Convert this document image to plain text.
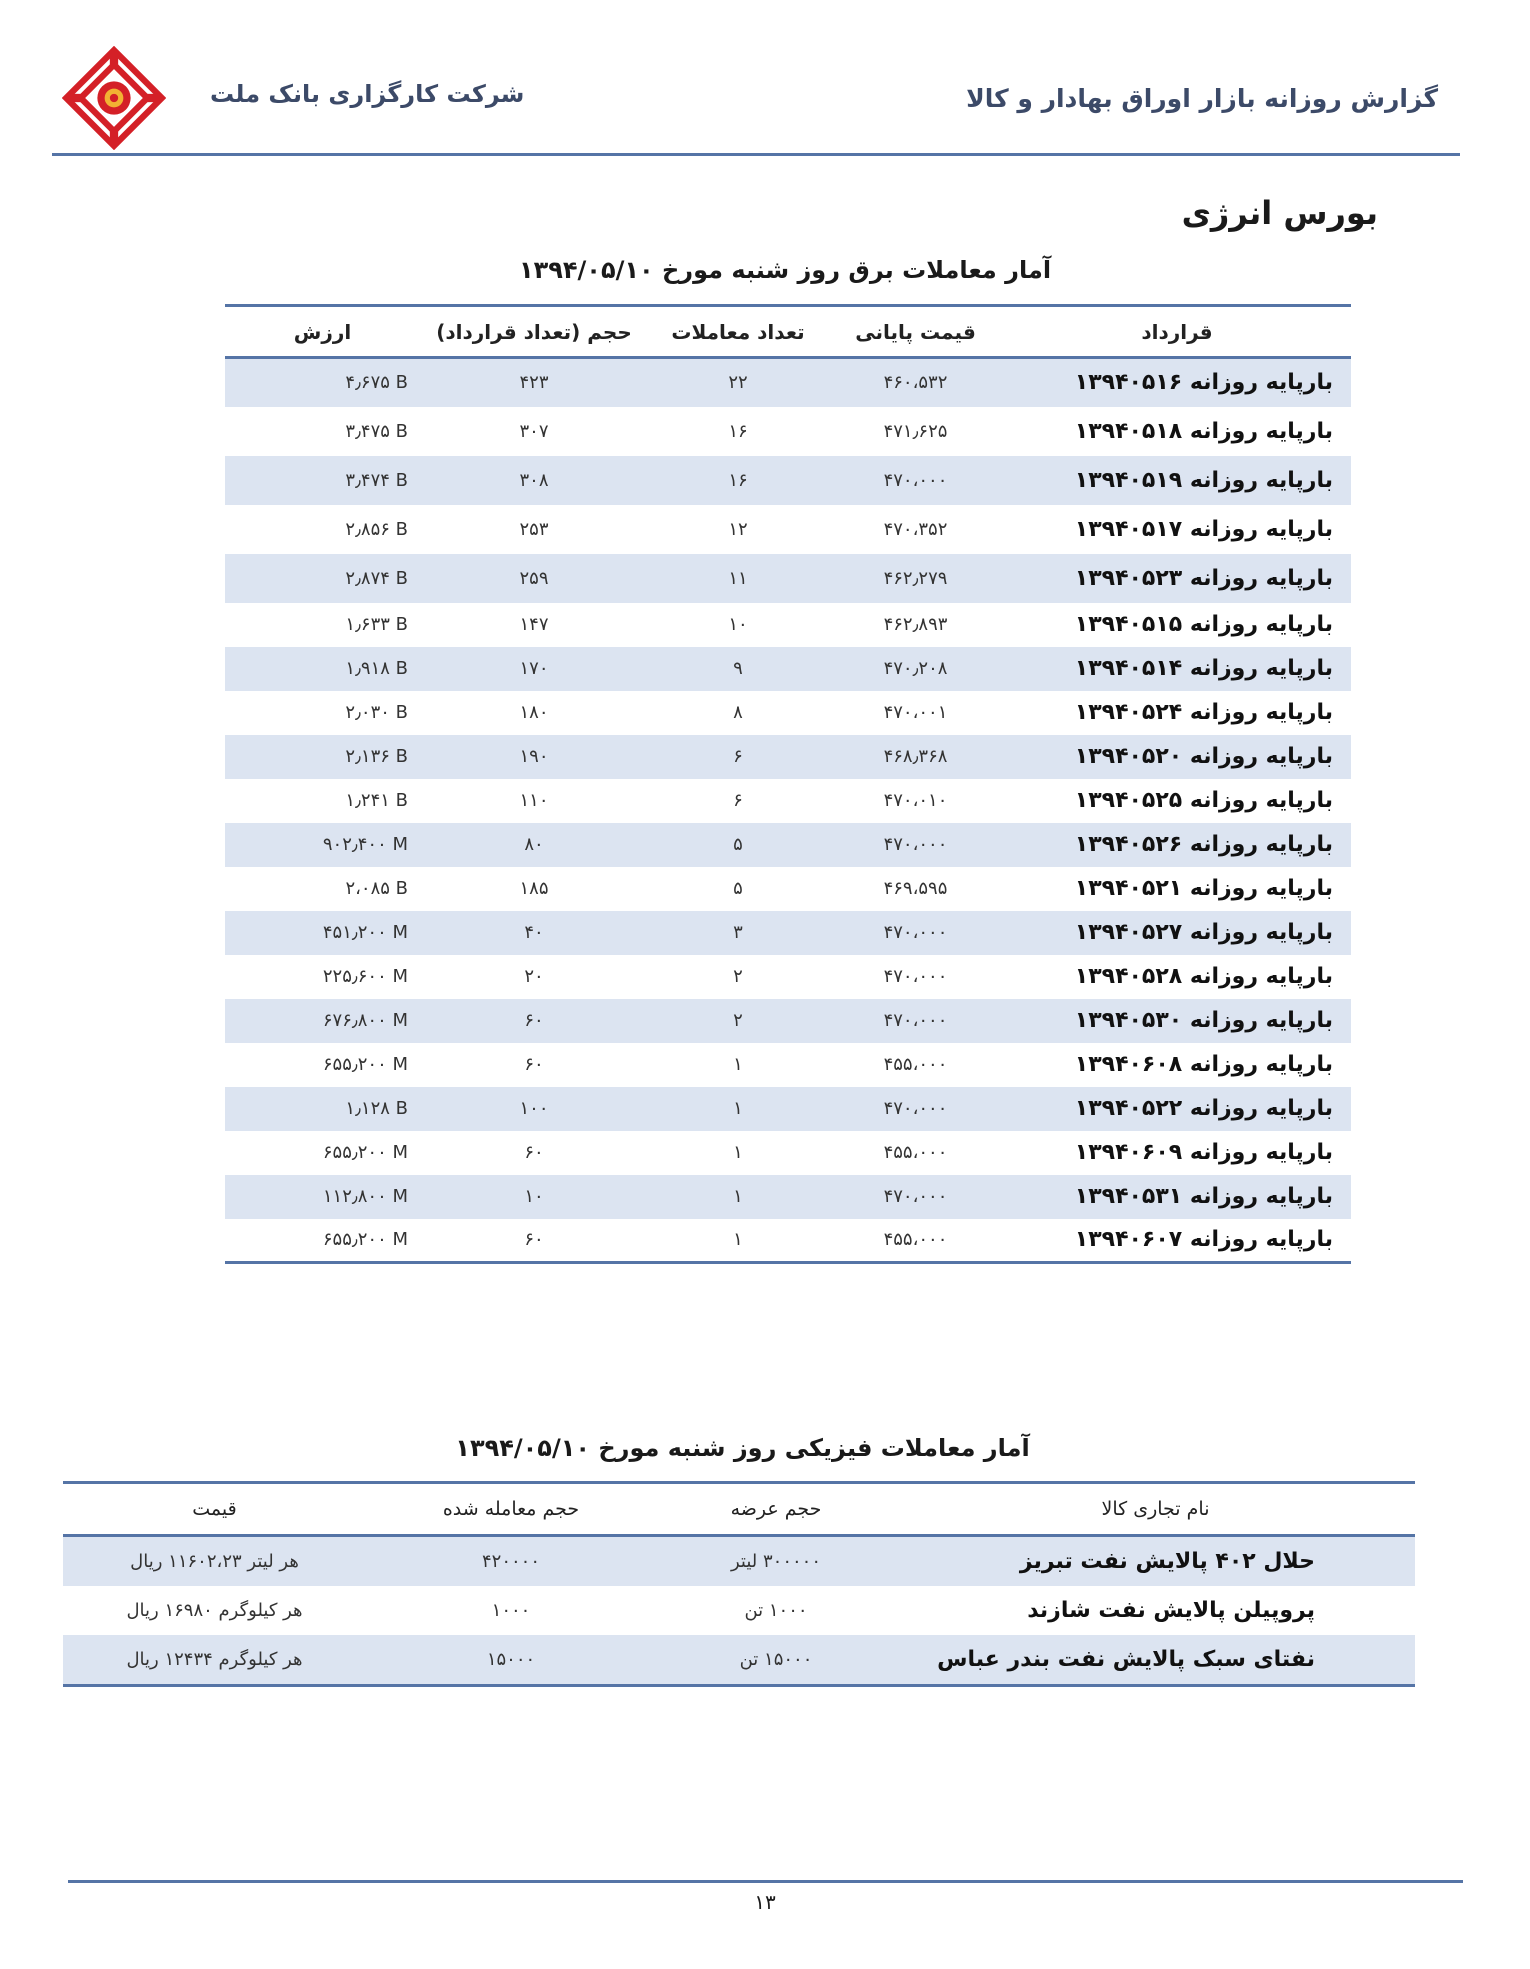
شرکت کارگزاری بانک ملت	گزارش روزانه بازار اوراق بهادار و کالا
بورس انرژی
آمار معاملات برق روز شنبه مورخ ۱۳۹۴/۰۵/۱۰
ارزش	حجم (تعداد قرارداد)	تعداد معاملات	قیمت پایانی	قرارداد
۴٫۶۷۵ B	۴۲۳	۲۲	۴۶۰،۵۳۲	بارپایه روزانه ۱۳۹۴۰۵۱۶
۳٫۴۷۵ B	۳۰۷	۱۶	۴۷۱٫۶۲۵	بارپایه روزانه ۱۳۹۴۰۵۱۸
۳٫۴۷۴ B	۳۰۸	۱۶	۴۷۰،۰۰۰	بارپایه روزانه ۱۳۹۴۰۵۱۹
۲٫۸۵۶ B	۲۵۳	۱۲	۴۷۰،۳۵۲	بارپایه روزانه ۱۳۹۴۰۵۱۷
۲٫۸۷۴ B	۲۵۹	۱۱	۴۶۲٫۲۷۹	بارپایه روزانه ۱۳۹۴۰۵۲۳
۱٫۶۳۳ B	۱۴۷	۱۰	۴۶۲٫۸۹۳	بارپایه روزانه ۱۳۹۴۰۵۱۵
۱٫۹۱۸ B	۱۷۰	۹	۴۷۰٫۲۰۸	بارپایه روزانه ۱۳۹۴۰۵۱۴
۲٫۰۳۰ B	۱۸۰	۸	۴۷۰،۰۰۱	بارپایه روزانه ۱۳۹۴۰۵۲۴
۲٫۱۳۶ B	۱۹۰	۶	۴۶۸٫۳۶۸	بارپایه روزانه ۱۳۹۴۰۵۲۰
۱٫۲۴۱ B	۱۱۰	۶	۴۷۰،۰۱۰	بارپایه روزانه ۱۳۹۴۰۵۲۵
۹۰۲٫۴۰۰ M	۸۰	۵	۴۷۰،۰۰۰	بارپایه روزانه ۱۳۹۴۰۵۲۶
۲،۰۸۵ B	۱۸۵	۵	۴۶۹،۵۹۵	بارپایه روزانه ۱۳۹۴۰۵۲۱
۴۵۱٫۲۰۰ M	۴۰	۳	۴۷۰،۰۰۰	بارپایه روزانه ۱۳۹۴۰۵۲۷
۲۲۵٫۶۰۰ M	۲۰	۲	۴۷۰،۰۰۰	بارپایه روزانه ۱۳۹۴۰۵۲۸
۶۷۶٫۸۰۰ M	۶۰	۲	۴۷۰،۰۰۰	بارپایه روزانه ۱۳۹۴۰۵۳۰
۶۵۵٫۲۰۰ M	۶۰	۱	۴۵۵،۰۰۰	بارپایه روزانه ۱۳۹۴۰۶۰۸
۱٫۱۲۸ B	۱۰۰	۱	۴۷۰،۰۰۰	بارپایه روزانه ۱۳۹۴۰۵۲۲
۶۵۵٫۲۰۰ M	۶۰	۱	۴۵۵،۰۰۰	بارپایه روزانه ۱۳۹۴۰۶۰۹
۱۱۲٫۸۰۰ M	۱۰	۱	۴۷۰،۰۰۰	بارپایه روزانه ۱۳۹۴۰۵۳۱
۶۵۵٫۲۰۰ M	۶۰	۱	۴۵۵،۰۰۰	بارپایه روزانه ۱۳۹۴۰۶۰۷
آمار معاملات فیزیکی روز شنبه مورخ ۱۳۹۴/۰۵/۱۰
قیمت	حجم معامله شده	حجم عرضه	نام تجاری کالا
هر لیتر ۱۱۶۰۲،۲۳ ریال	۴۲۰۰۰۰	۳۰۰۰۰۰ لیتر	حلال ۴۰۲ پالایش نفت تبریز
هر کیلوگرم ۱۶۹۸۰ ریال	۱۰۰۰	۱۰۰۰ تن	پروپیلن پالایش نفت شازند
هر کیلوگرم ۱۲۴۳۴ ریال	۱۵۰۰۰	۱۵۰۰۰ تن	نفتای سبک پالایش نفت بندر عباس
۱۳
